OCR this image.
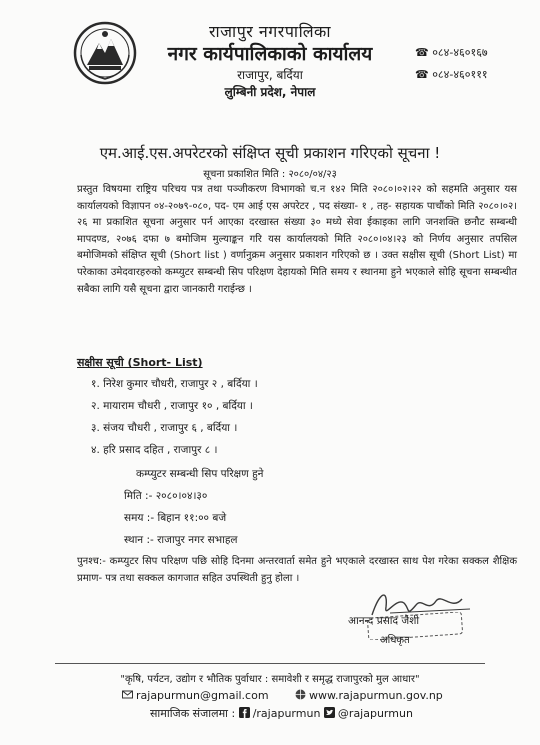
राजापुर नगरपालिका
नगर कार्यपालिकाको कार्यालय
राजापुर, बर्दिया
लुम्बिनी प्रदेश, नेपाल
☎ ०८४-४६०१६७
☎ ०८४-४६०१११
एम.आई.एस.अपरेटरको संक्षिप्त सूची प्रकाशन गरिएको सूचना !
सूचना प्रकाशित मिति : २०८०/०४/२३
प्रस्तुत विषयमा राष्ट्रिय परिचय पत्र तथा पञ्जीकरण विभागको च.न १४२ मिति २०८०।०२।२२ को सहमति अनुसार यस कार्यालयको विज्ञापन ०४-२०७९-०८०, पद- एम आई एस अपरेटर , पद संख्या- १ , तह- सहायक पाचौंको मिति २०८०।०२।२६ मा प्रकाशित सूचना अनुसार पर्न आएका दरखास्त संख्या ३० मध्ये सेवा ईकाइका लागि जनशक्ति छनौट सम्बन्धी मापदण्ड, २०७६ दफा ७ बमोजिम मुल्याङ्कन गरि यस कार्यालयको मिति २०८०।०४।२३ को निर्णय अनुसार तपसिल बमोजिमको संक्षिप्त सूची (Short list ) वर्णानुक्रम अनुसार प्रकाशन गरिएको छ । उक्त सक्षीस सूची (Short List) मा परेकाका उमेदवारहरुको कम्प्युटर सम्बन्धी सिप परिक्षण देहायको मिति समय र स्थानमा हुने भएकाले सोहि सूचना सम्बन्धीत सबैका लागि यसै सूचना द्वारा जानकारी गराईन्छ ।
सक्षीस सूची (Short- List)
१. निरेश कुमार चौधरी, राजापुर २ , बर्दिया ।
२. मायाराम चौधरी , राजापुर १० , बर्दिया ।
३. संजय चौधरी , राजापुर ६ , बर्दिया ।
४. हरि प्रसाद दहित , राजापुर ८ ।
कम्प्युटर सम्बन्धी सिप परिक्षण हुने
मिति :- २०८०।०४।३०
समय :- बिहान ११:०० बजे
स्थान :- राजापुर नगर सभाहल
पुनश्च:- कम्प्युटर सिप परिक्षण पछि सोहि दिनमा अन्तरवार्ता समेत हुने भएकाले दरखास्त साथ पेश गरेका सक्कल शैक्षिक प्रमाण- पत्र तथा सक्कल कागजात सहित उपस्थिती हुनु होला ।
आनन्द प्रसाद जैशी
अधिकृत
"कृषि, पर्यटन, उद्योग र भौतिक पुर्वाधार : समावेशी र समृद्ध राजापुरको मुल आधार"
rajapurmun@gmail.com	www.rajapurmun.gov.np
सामाजिक संजालमा : /rajapurmun @rajapurmun
